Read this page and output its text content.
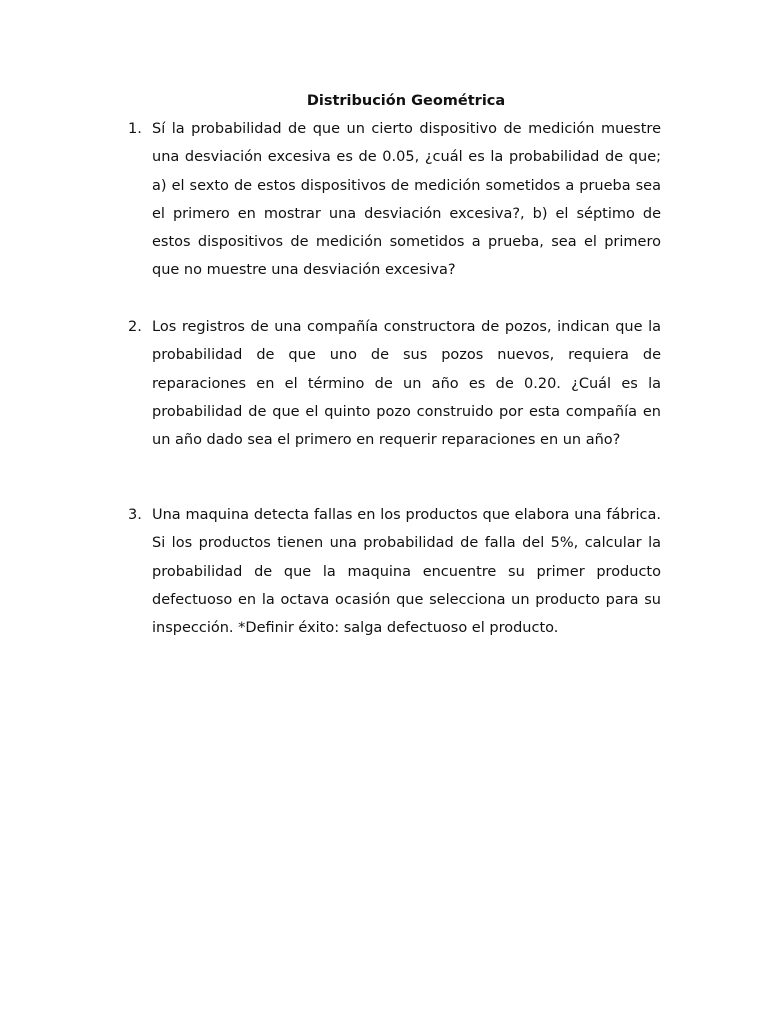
Distribución Geométrica
1. Sí la probabilidad de que un cierto dispositivo de medición muestre una desviación excesiva es de 0.05, ¿cuál es la probabilidad de que; a) el sexto de estos dispositivos de medición sometidos a prueba sea el primero en mostrar una desviación excesiva?, b) el séptimo de estos dispositivos de medición sometidos a prueba, sea el primero que no muestre una desviación excesiva?

2. Los registros de una compañía constructora de pozos, indican que la probabilidad de que uno de sus pozos nuevos, requiera de reparaciones en el término de un año es de 0.20. ¿Cuál es la probabilidad de que el quinto pozo construido por esta compañía en un año dado sea el primero en requerir reparaciones en un año?

3. Una maquina detecta fallas en los productos que elabora una fábrica. Si los productos tienen una probabilidad de falla del 5%, calcular la probabilidad de que la maquina encuentre su primer producto defectuoso en la octava ocasión que selecciona un producto para su inspección. *Definir éxito: salga defectuoso el producto.
